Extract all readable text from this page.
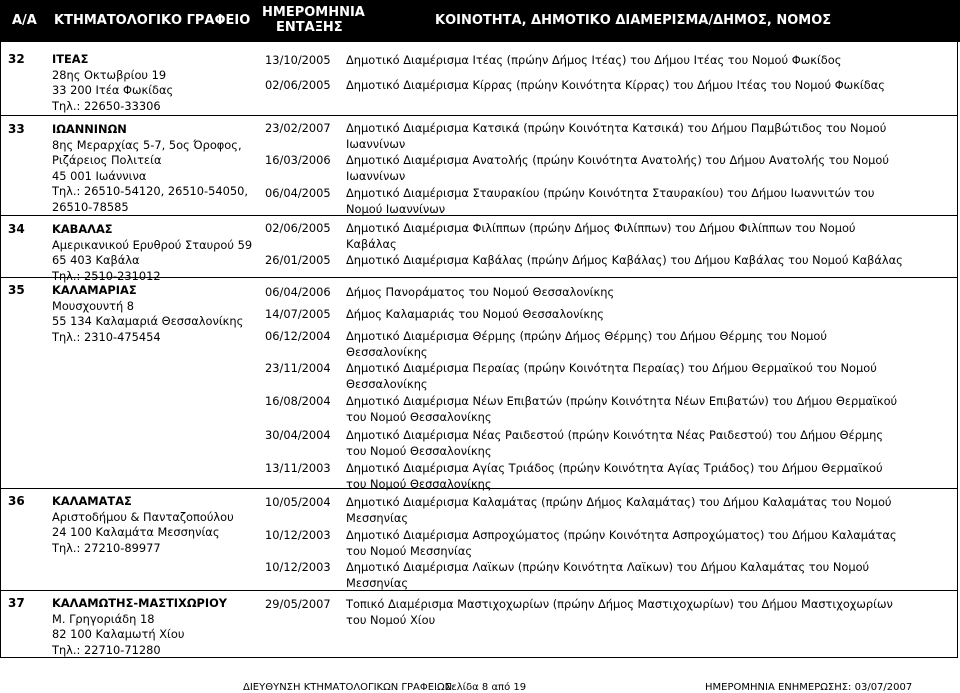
Α/Α ΚΤΗΜΑΤΟΛΟΓΙΚΟ ΓΡΑΦΕΙΟ
ΗΜΕΡΟΜΗΝΙΑ
ΕΝΤΑΞΗΣ	ΚΟΙΝΟΤΗΤΑ, ΔΗΜΟΤΙΚΟ ΔΙΑΜΕΡΙΣΜΑ/ΔΗΜΟΣ, ΝΟΜΟΣ
32 ΙΤΕΑΣ
28ης Οκτωβρίου 19
33 200 Ιτέα Φωκίδας
Τηλ.: 22650-33306
33 ΙΩΑΝΝΙΝΩΝ
8ης Μεραρχίας 5-7, 5ος Όροφος,
Ριζάρειος Πολιτεία
45 001 Ιωάννινα
Τηλ.: 26510-54120, 26510-54050,
26510-78585
34 ΚΑΒΑΛΑΣ
Αμερικανικού Ερυθρού Σταυρού 59
65 403 Καβάλα
Τηλ.: 2510-231012
35 ΚΑΛΑΜΑΡΙΑΣ
Μουσχουντή 8
55 134 Καλαμαριά Θεσσαλονίκης
Τηλ.: 2310-475454
36 ΚΑΛΑΜΑΤΑΣ
Αριστοδήμου & Πανταζοπούλου
24 100 Καλαμάτα Μεσσηνίας
Τηλ.: 27210-89977
37 ΚΑΛΑΜΩΤΗΣ-ΜΑΣΤΙΧΩΡΙΟΥ
Μ. Γρηγοριάδη 18
82 100 Καλαμωτή Χίου
Τηλ.: 22710-71280
13/10/2005 Δημοτικό Διαμέρισμα Ιτέας (πρώην Δήμος Ιτέας) του Δήμου Ιτέας του Νομού Φωκίδος
02/06/2005 Δημοτικό Διαμέρισμα Κίρρας (πρώην Κοινότητα Κίρρας) του Δήμου Ιτέας του Νομού Φωκίδας
23/02/2007 Δημοτικό Διαμέρισμα Κατσικά (πρώην Κοινότητα Κατσικά) του Δήμου Παμβώτιδος του Νομού Ιωαννίνων
16/03/2006 Δημοτικό Διαμέρισμα Ανατολής (πρώην Κοινότητα Ανατολής) του Δήμου Ανατολής του Νομού Ιωαννίνων
06/04/2005 Δημοτικό Διαμέρισμα Σταυρακίου (πρώην Κοινότητα Σταυρακίου) του Δήμου Ιωαννιτών του Νομού Ιωαννίνων
02/06/2005 Δημοτικό Διαμέρισμα Φιλίππων (πρώην Δήμος Φιλίππων) του Δήμου Φιλίππων του Νομού Καβάλας
26/01/2005 Δημοτικό Διαμέρισμα Καβάλας (πρώην Δήμος Καβάλας) του Δήμου Καβάλας του Νομού Καβάλας
06/04/2006 Δήμος Πανοράματος του Νομού Θεσσαλονίκης
14/07/2005 Δήμος Καλαμαριάς του Νομού Θεσσαλονίκης
06/12/2004 Δημοτικό Διαμέρισμα Θέρμης (πρώην Δήμος Θέρμης) του Δήμου Θέρμης του Νομού Θεσσαλονίκης
23/11/2004 Δημοτικό Διαμέρισμα Περαίας (πρώην Κοινότητα Περαίας) του Δήμου Θερμαϊκού του Νομού Θεσσαλονίκης
16/08/2004 Δημοτικό Διαμέρισμα Νέων Επιβατών (πρώην Κοινότητα Νέων Επιβατών) του Δήμου Θερμαϊκού του Νομού Θεσσαλονίκης
30/04/2004 Δημοτικό Διαμέρισμα Νέας Ραιδεστού (πρώην Κοινότητα Νέας Ραιδεστού) του Δήμου Θέρμης του Νομού Θεσσαλονίκης
13/11/2003 Δημοτικό Διαμέρισμα Αγίας Τριάδος (πρώην Κοινότητα Αγίας Τριάδος) του Δήμου Θερμαϊκού του Νομού Θεσσαλονίκης
10/05/2004 Δημοτικό Διαμέρισμα Καλαμάτας (πρώην Δήμος Καλαμάτας) του Δήμου Καλαμάτας του Νομού Μεσσηνίας
10/12/2003 Δημοτικό Διαμέρισμα Ασπροχώματος (πρώην Κοινότητα Ασπροχώματος) του Δήμου Καλαμάτας του Νομού Μεσσηνίας
10/12/2003 Δημοτικό Διαμέρισμα Λαϊκων (πρώην Κοινότητα Λαϊκων) του Δήμου Καλαμάτας του Νομού Μεσσηνίας
29/05/2007 Τοπικό Διαμέρισμα Μαστιχοχωρίων (πρώην Δήμος Μαστιχοχωρίων) του Δήμου Μαστιχοχωρίων του Νομού Χίου
ΔΙΕΥΘΥΝΣΗ ΚΤΗΜΑΤΟΛΟΓΙΚΩΝ ΓΡΑΦΕΙΩΝ
Σελίδα 8 από 19	ΗΜΕΡΟΜΗΝΙΑ ΕΝΗΜΕΡΩΣΗΣ: 03/07/2007
